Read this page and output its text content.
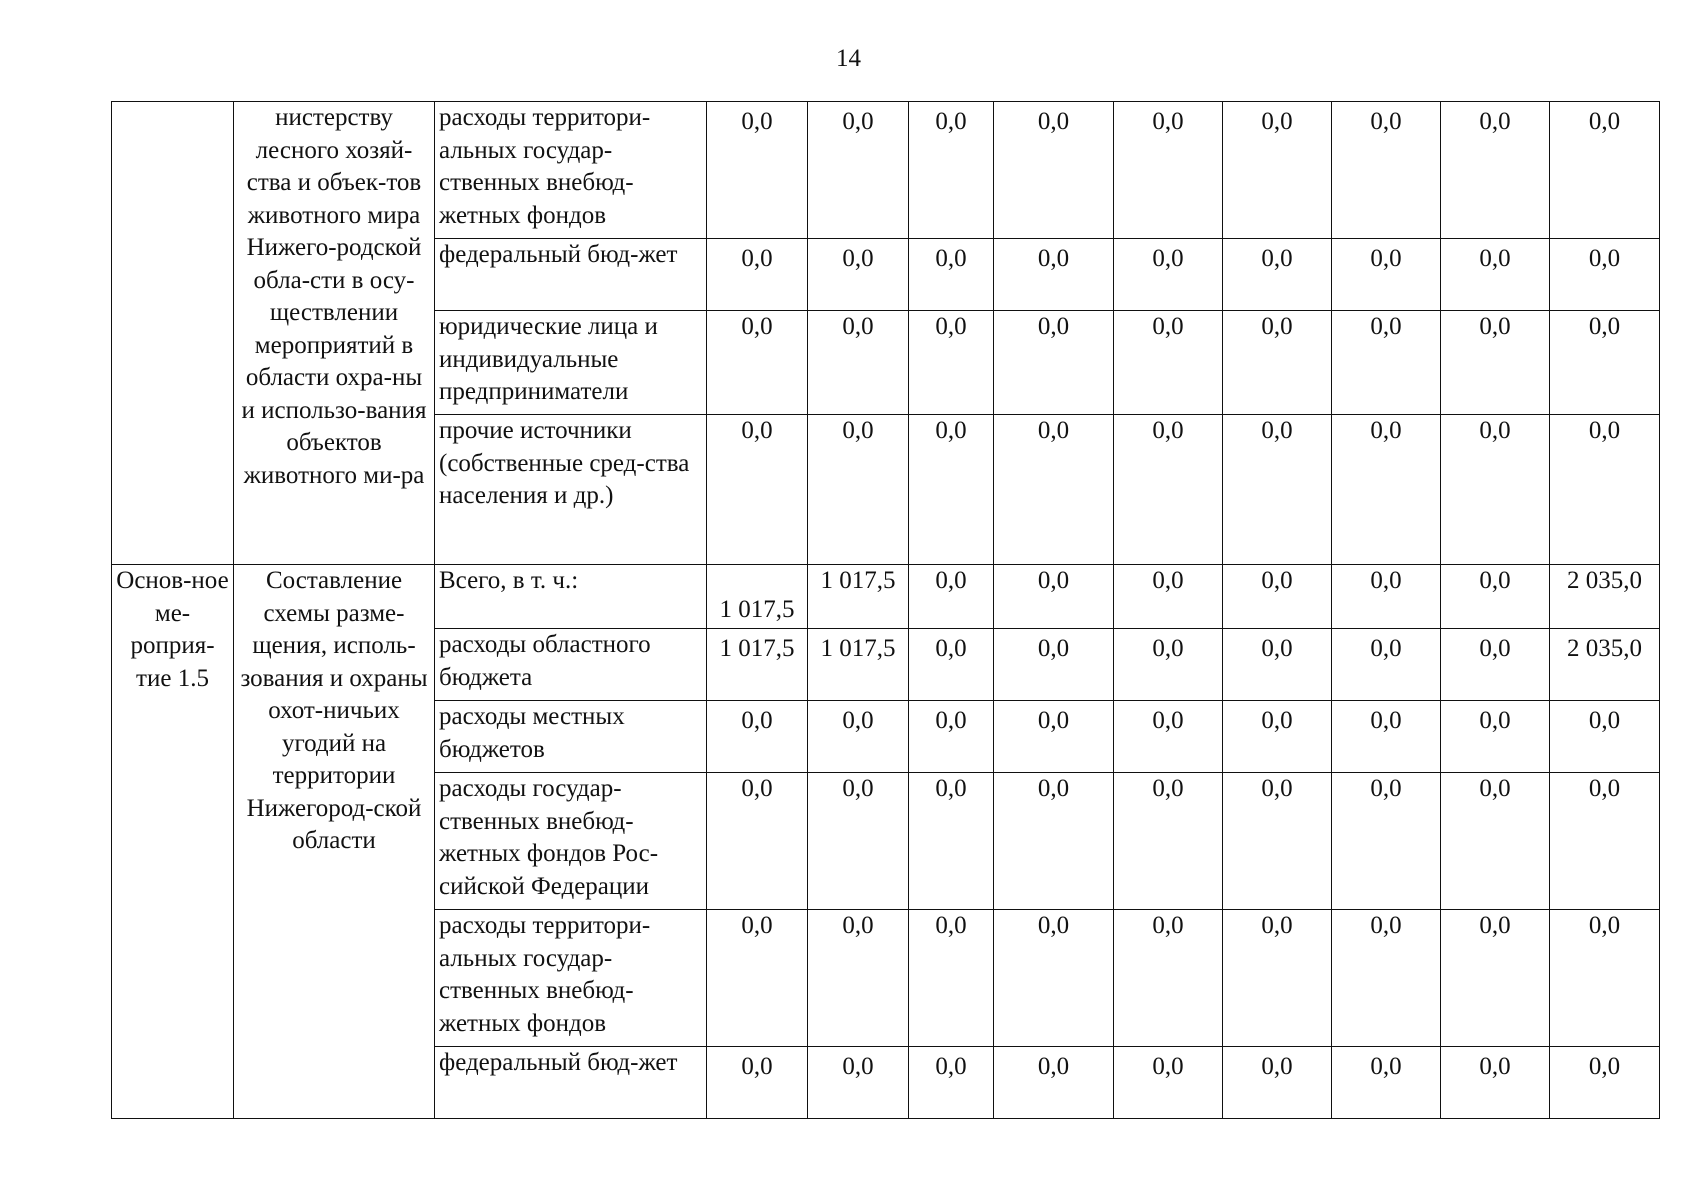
14

	нистерству лесного хозяй-ства и объек-тов животного мира Нижего-родской обла-сти в осу-ществлении мероприятий в области охра-ны и использо-вания объектов животного ми-ра	расходы территори-альных государ-ственных внебюд-жетных фондов	0,0	0,0	0,0	0,0	0,0	0,0	0,0	0,0	0,0
		федеральный бюд-жет	0,0	0,0	0,0	0,0	0,0	0,0	0,0	0,0	0,0
		юридические лица и индивидуальные предприниматели	0,0	0,0	0,0	0,0	0,0	0,0	0,0	0,0	0,0
		прочие источники (собственные сред-ства населения и др.)	0,0	0,0	0,0	0,0	0,0	0,0	0,0	0,0	0,0
Основ-ное ме-роприя-тие 1.5	Составление схемы разме-щения, исполь-зования и охраны охот-ничьих угодий на территории Нижегород-ской области	Всего, в т. ч.:	1 017,5	1 017,5	0,0	0,0	0,0	0,0	0,0	0,0	2 035,0
		расходы областного бюджета	1 017,5	1 017,5	0,0	0,0	0,0	0,0	0,0	0,0	2 035,0
		расходы местных бюджетов	0,0	0,0	0,0	0,0	0,0	0,0	0,0	0,0	0,0
		расходы государ-ственных внебюд-жетных фондов Рос-сийской Федерации	0,0	0,0	0,0	0,0	0,0	0,0	0,0	0,0	0,0
		расходы территори-альных государ-ственных внебюд-жетных фондов	0,0	0,0	0,0	0,0	0,0	0,0	0,0	0,0	0,0
		федеральный бюд-жет	0,0	0,0	0,0	0,0	0,0	0,0	0,0	0,0	0,0
